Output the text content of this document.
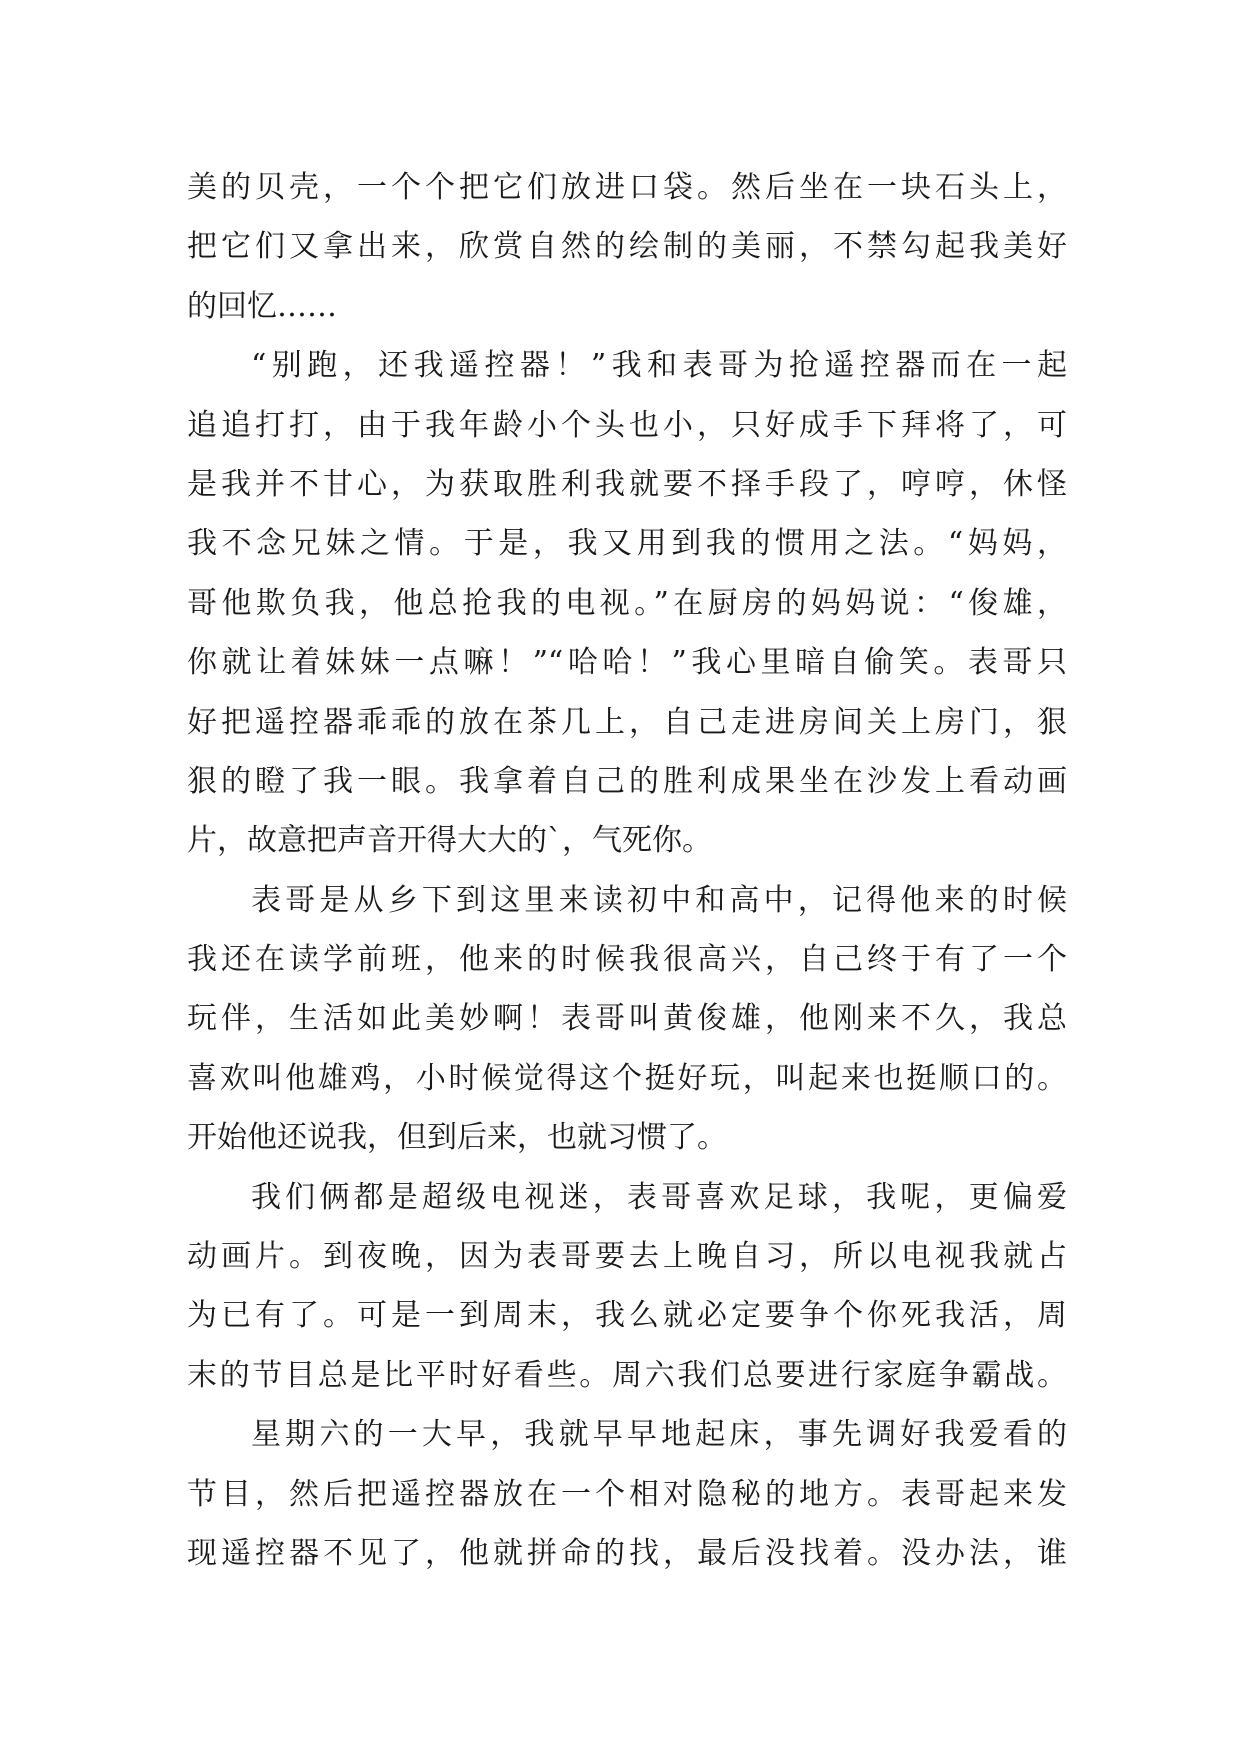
美的贝壳，一个个把它们放进口袋。然后坐在一块石头上，
把它们又拿出来，欣赏自然的绘制的美丽，不禁勾起我美好
的回忆……
“别跑，还我遥控器！”我和表哥为抢遥控器而在一起
追追打打，由于我年龄小个头也小，只好成手下拜将了，可
是我并不甘心，为获取胜利我就要不择手段了，哼哼，休怪
我不念兄妹之情。于是，我又用到我的惯用之法。“妈妈，
哥他欺负我，他总抢我的电视。”在厨房的妈妈说：“俊雄，
你就让着妹妹一点嘛！”“哈哈！”我心里暗自偷笑。表哥只
好把遥控器乖乖的放在茶几上，自己走进房间关上房门，狠
狠的瞪了我一眼。我拿着自己的胜利成果坐在沙发上看动画
片，故意把声音开得大大的`，气死你。
表哥是从乡下到这里来读初中和高中，记得他来的时候
我还在读学前班，他来的时候我很高兴，自己终于有了一个
玩伴，生活如此美妙啊！表哥叫黄俊雄，他刚来不久，我总
喜欢叫他雄鸡，小时候觉得这个挺好玩，叫起来也挺顺口的。
开始他还说我，但到后来，也就习惯了。
我们俩都是超级电视迷，表哥喜欢足球，我呢，更偏爱
动画片。到夜晚，因为表哥要去上晚自习，所以电视我就占
为已有了。可是一到周末，我么就必定要争个你死我活，周
末的节目总是比平时好看些。周六我们总要进行家庭争霸战。
星期六的一大早，我就早早地起床，事先调好我爱看的
节目，然后把遥控器放在一个相对隐秘的地方。表哥起来发
现遥控器不见了，他就拼命的找，最后没找着。没办法，谁
